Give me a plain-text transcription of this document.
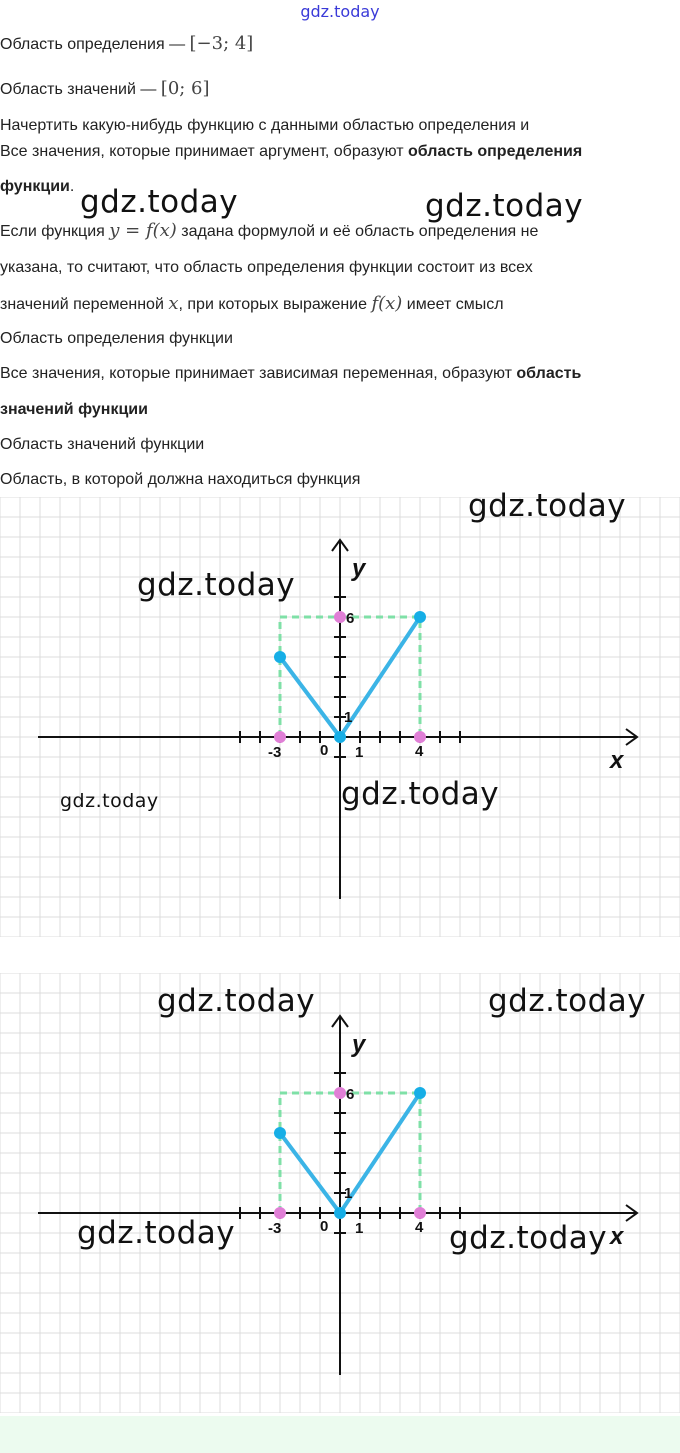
gdz.today
Область определения — [−3; 4]
Область значений — [0; 6]
Начертить какую-нибудь функцию с данными областью определения и
Все значения, которые принимает аргумент, образуют область определения
функции.
Если функция y = f(x) задана формулой и её область определения не
указана, то считают, что область определения функции состоит из всех
значений переменной x, при которых выражение f(x) имеет смысл
Область определения функции
Все значения, которые принимает зависимая переменная, образуют область
значений функции
Область значений функции
Область, в которой должна находиться функция
-3	0 1	4
1
6
x
y
-3	0 1	4
1
6
x
y
gdz.today	gdz.today
gdz.today
gdz.today
gdz.today	gdz.today
gdz.today	gdz.today
gdz.today	gdz.today
